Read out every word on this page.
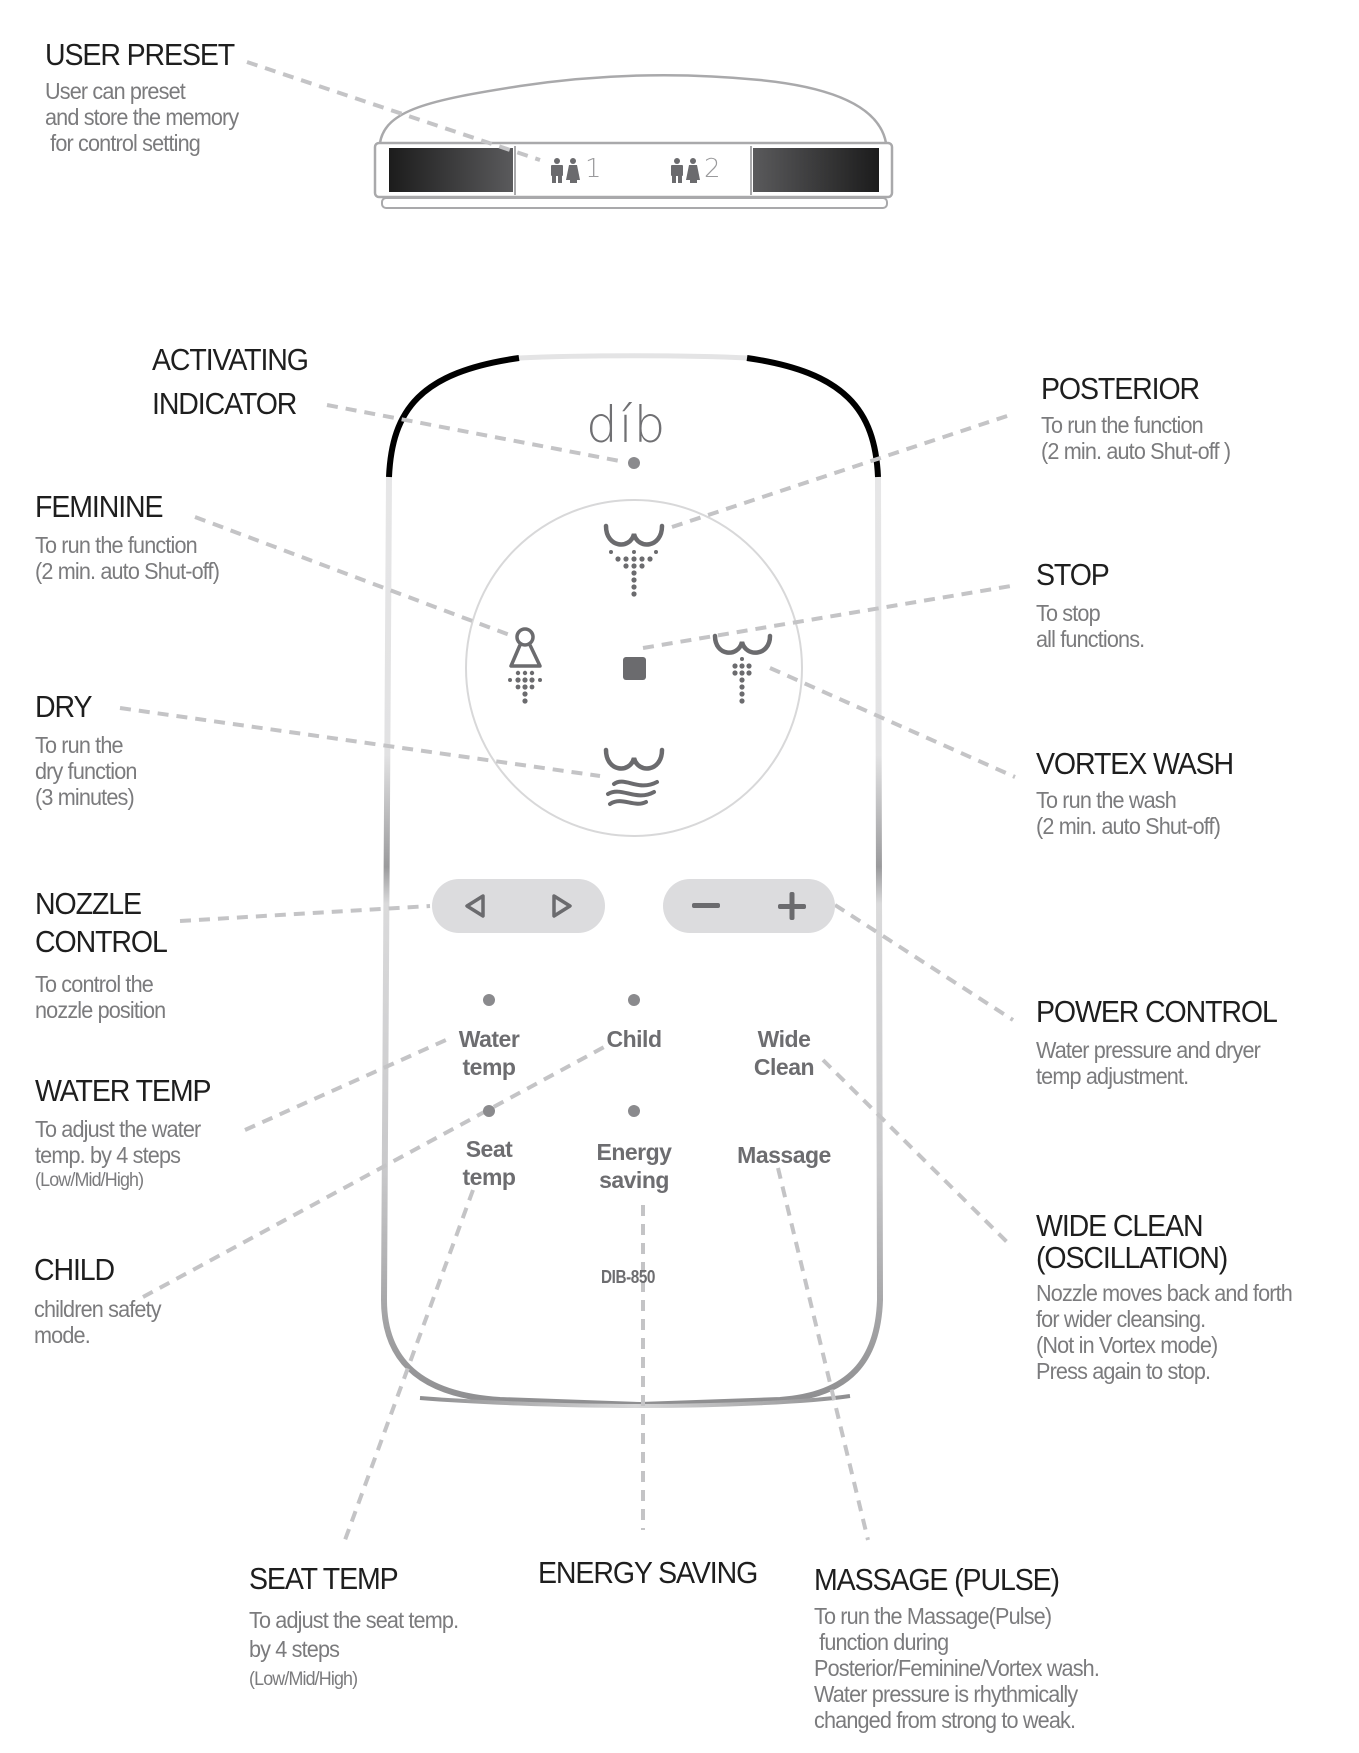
díb
1	2
Water
temp
Child	Wide
Clean
Seat
temp
Energy
saving
Massage
DIB-850
USER PRESET
User can preset
and store the memory
for control setting
ACTIVATING
INDICATOR
FEMININE
To run the function
(2 min. auto Shut-off)
DRY
To run the
dry function
(3 minutes)
NOZZLE
CONTROL
To control the
nozzle position
WATER TEMP
To adjust the water
temp. by 4 steps
(Low/Mid/High)
CHILD
children safety
mode.
POSTERIOR
To run the function
(2 min. auto Shut-off )
STOP
To stop
all functions.
VORTEX WASH
To run the wash
(2 min. auto Shut-off)
POWER CONTROL
Water pressure and dryer
temp adjustment.
WIDE CLEAN
(OSCILLATION)
Nozzle moves back and forth
for wider cleansing.
(Not in Vortex mode)
Press again to stop.
SEAT TEMP
To adjust the seat temp.
by 4 steps
(Low/Mid/High)
ENERGY SAVING MASSAGE (PULSE)
To run the Massage(Pulse)
function during
Posterior/Feminine/Vortex wash.
Water pressure is rhythmically
changed from strong to weak.
